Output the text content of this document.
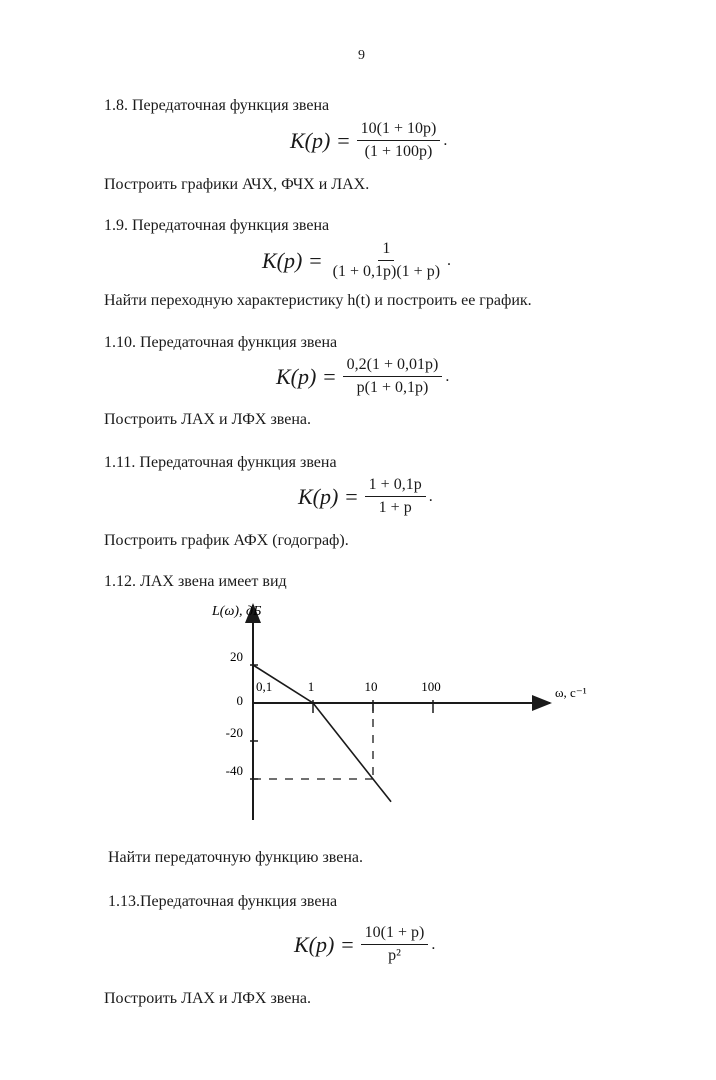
9
1.8. Передаточная функция звена
$K(p) = \frac{10(1 + 10p)}{(1 + 100p)}$ .
Построить графики АЧХ, ФЧХ и ЛАХ.
1.9. Передаточная функция звена
$K(p) = \frac{1}{(1 + 0,1p)(1 + p)}$ .
Найти переходную характеристику h(t) и построить ее график.
1.10. Передаточная функция звена
$K(p) = \frac{0,2(1 + 0,01p)}{p(1 + 0,1p)}$ .
Построить ЛАХ и ЛФХ звена.
1.11. Передаточная функция звена
$K(p) = \frac{1 + 0,1p}{1 + p}$ .
Построить график АФХ (годограф).
1.12. ЛАХ звена имеет вид
L(ω), дБ
ω, с⁻¹
20
0
-20
-40
0,1	1	10	100
Найти передаточную функцию звена.
1.13.Передаточная функция звена
$K(p) = \frac{10(1 + p)}{\text{p²}}$ .
Построить ЛАХ и ЛФХ звена.
